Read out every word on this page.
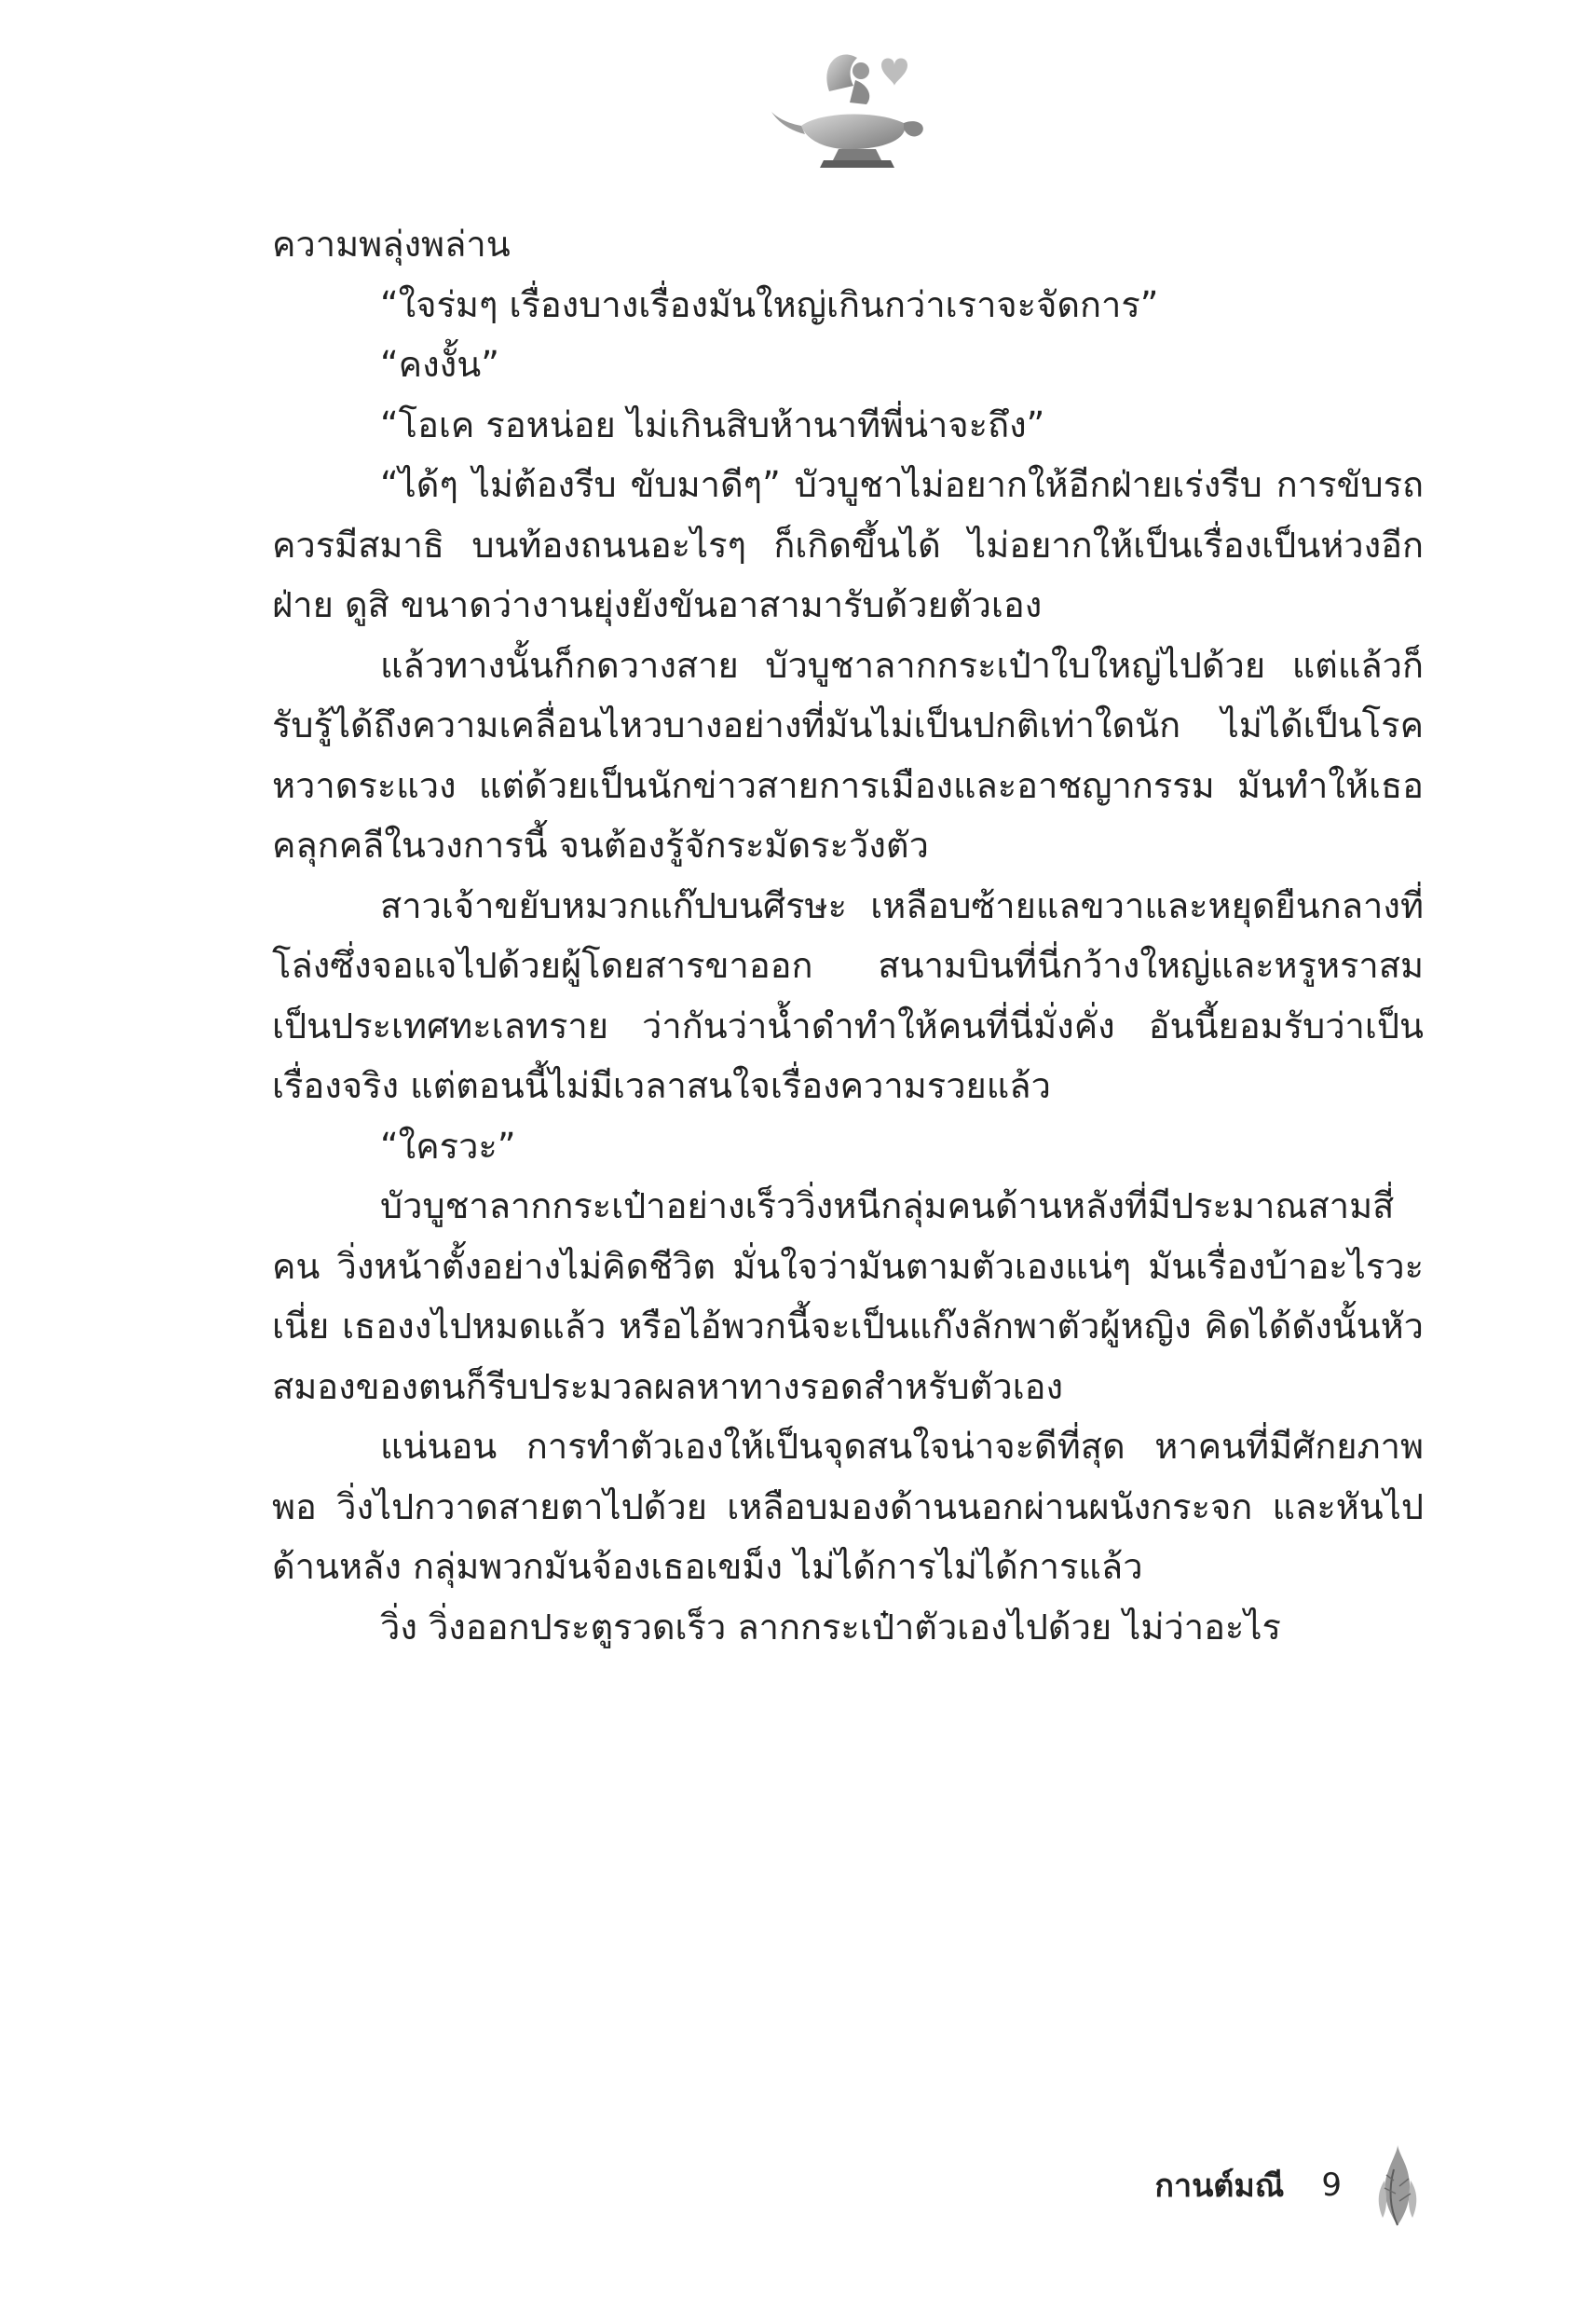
ความพลุ่งพล่าน

“ใจร่มๆ เรื่องบางเรื่องมันใหญ่เกินกว่าเราจะจัดการ”

“คงงั้น”

“โอเค รอหน่อย ไม่เกินสิบห้านาทีพี่น่าจะถึง”

“ได้ๆ ไม่ต้องรีบ ขับมาดีๆ” บัวบูชาไม่อยากให้อีกฝ่ายเร่งรีบ การขับรถควรมีสมาธิ บนท้องถนนอะไรๆ ก็เกิดขึ้นได้ ไม่อยากให้เป็นเรื่องเป็นห่วงอีกฝ่าย ดูสิ ขนาดว่างานยุ่งยังขันอาสามารับด้วยตัวเอง

แล้วทางนั้นก็กดวางสาย บัวบูชาลากกระเป๋าใบใหญ่ไปด้วย แต่แล้วก็รับรู้ได้ถึงความเคลื่อนไหวบางอย่างที่มันไม่เป็นปกติเท่าใดนัก ไม่ได้เป็นโรคหวาดระแวง แต่ด้วยเป็นนักข่าวสายการเมืองและอาชญากรรม มันทำให้เธอคลุกคลีในวงการนี้ จนต้องรู้จักระมัดระวังตัว

สาวเจ้าขยับหมวกแก๊ปบนศีรษะ เหลือบซ้ายแลขวาและหยุดยืนกลางที่โล่งซึ่งจอแจไปด้วยผู้โดยสารขาออก สนามบินที่นี่กว้างใหญ่และหรูหราสมเป็นประเทศทะเลทราย ว่ากันว่าน้ำดำทำให้คนที่นี่มั่งคั่ง อันนี้ยอมรับว่าเป็นเรื่องจริง แต่ตอนนี้ไม่มีเวลาสนใจเรื่องความรวยแล้ว

“ใครวะ”

บัวบูชาลากกระเป๋าอย่างเร็ววิ่งหนีกลุ่มคนด้านหลังที่มีประมาณสามสี่คน วิ่งหน้าตั้งอย่างไม่คิดชีวิต มั่นใจว่ามันตามตัวเองแน่ๆ มันเรื่องบ้าอะไรวะเนี่ย เธองงไปหมดแล้ว หรือไอ้พวกนี้จะเป็นแก๊งลักพาตัวผู้หญิง คิดได้ดังนั้นหัวสมองของตนก็รีบประมวลผลหาทางรอดสำหรับตัวเอง

แน่นอน การทำตัวเองให้เป็นจุดสนใจน่าจะดีที่สุด หาคนที่มีศักยภาพพอ วิ่งไปกวาดสายตาไปด้วย เหลือบมองด้านนอกผ่านผนังกระจก และหันไปด้านหลัง กลุ่มพวกมันจ้องเธอเขม็ง ไม่ได้การไม่ได้การแล้ว

วิ่ง วิ่งออกประตูรวดเร็ว ลากกระเป๋าตัวเองไปด้วย ไม่ว่าอะไร

กานต์มณี 9
